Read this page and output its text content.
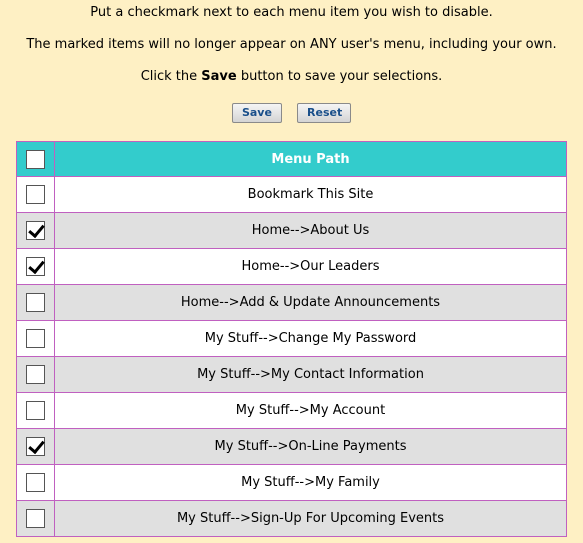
Put a checkmark next to each menu item you wish to disable.

The marked items will no longer appear on ANY user's menu, including your own.

Click the Save button to save your selections.

Save	Reset
	Menu Path
	Bookmark This Site
	Home-->About Us
	Home-->Our Leaders
	Home-->Add & Update Announcements
	My Stuff-->Change My Password
	My Stuff-->My Contact Information
	My Stuff-->My Account
	My Stuff-->On-Line Payments
	My Stuff-->My Family
	My Stuff-->Sign-Up For Upcoming Events
